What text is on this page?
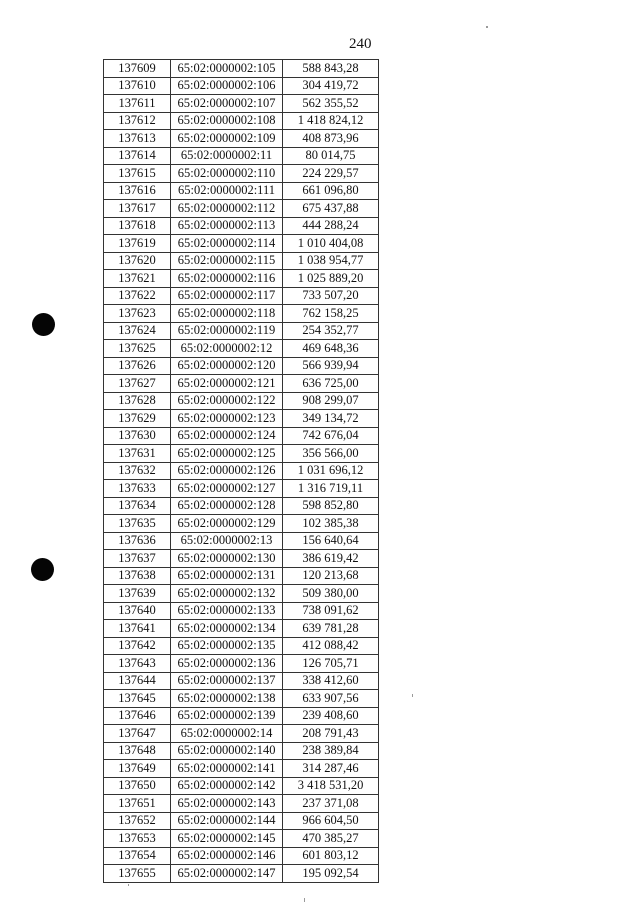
240
137609	65:02:0000002:105	588 843,28
137610	65:02:0000002:106	304 419,72
137611	65:02:0000002:107	562 355,52
137612	65:02:0000002:108	1 418 824,12
137613	65:02:0000002:109	408 873,96
137614	65:02:0000002:11	80 014,75
137615	65:02:0000002:110	224 229,57
137616	65:02:0000002:111	661 096,80
137617	65:02:0000002:112	675 437,88
137618	65:02:0000002:113	444 288,24
137619	65:02:0000002:114	1 010 404,08
137620	65:02:0000002:115	1 038 954,77
137621	65:02:0000002:116	1 025 889,20
137622	65:02:0000002:117	733 507,20
137623	65:02:0000002:118	762 158,25
137624	65:02:0000002:119	254 352,77
137625	65:02:0000002:12	469 648,36
137626	65:02:0000002:120	566 939,94
137627	65:02:0000002:121	636 725,00
137628	65:02:0000002:122	908 299,07
137629	65:02:0000002:123	349 134,72
137630	65:02:0000002:124	742 676,04
137631	65:02:0000002:125	356 566,00
137632	65:02:0000002:126	1 031 696,12
137633	65:02:0000002:127	1 316 719,11
137634	65:02:0000002:128	598 852,80
137635	65:02:0000002:129	102 385,38
137636	65:02:0000002:13	156 640,64
137637	65:02:0000002:130	386 619,42
137638	65:02:0000002:131	120 213,68
137639	65:02:0000002:132	509 380,00
137640	65:02:0000002:133	738 091,62
137641	65:02:0000002:134	639 781,28
137642	65:02:0000002:135	412 088,42
137643	65:02:0000002:136	126 705,71
137644	65:02:0000002:137	338 412,60
137645	65:02:0000002:138	633 907,56
137646	65:02:0000002:139	239 408,60
137647	65:02:0000002:14	208 791,43
137648	65:02:0000002:140	238 389,84
137649	65:02:0000002:141	314 287,46
137650	65:02:0000002:142	3 418 531,20
137651	65:02:0000002:143	237 371,08
137652	65:02:0000002:144	966 604,50
137653	65:02:0000002:145	470 385,27
137654	65:02:0000002:146	601 803,12
137655	65:02:0000002:147	195 092,54
